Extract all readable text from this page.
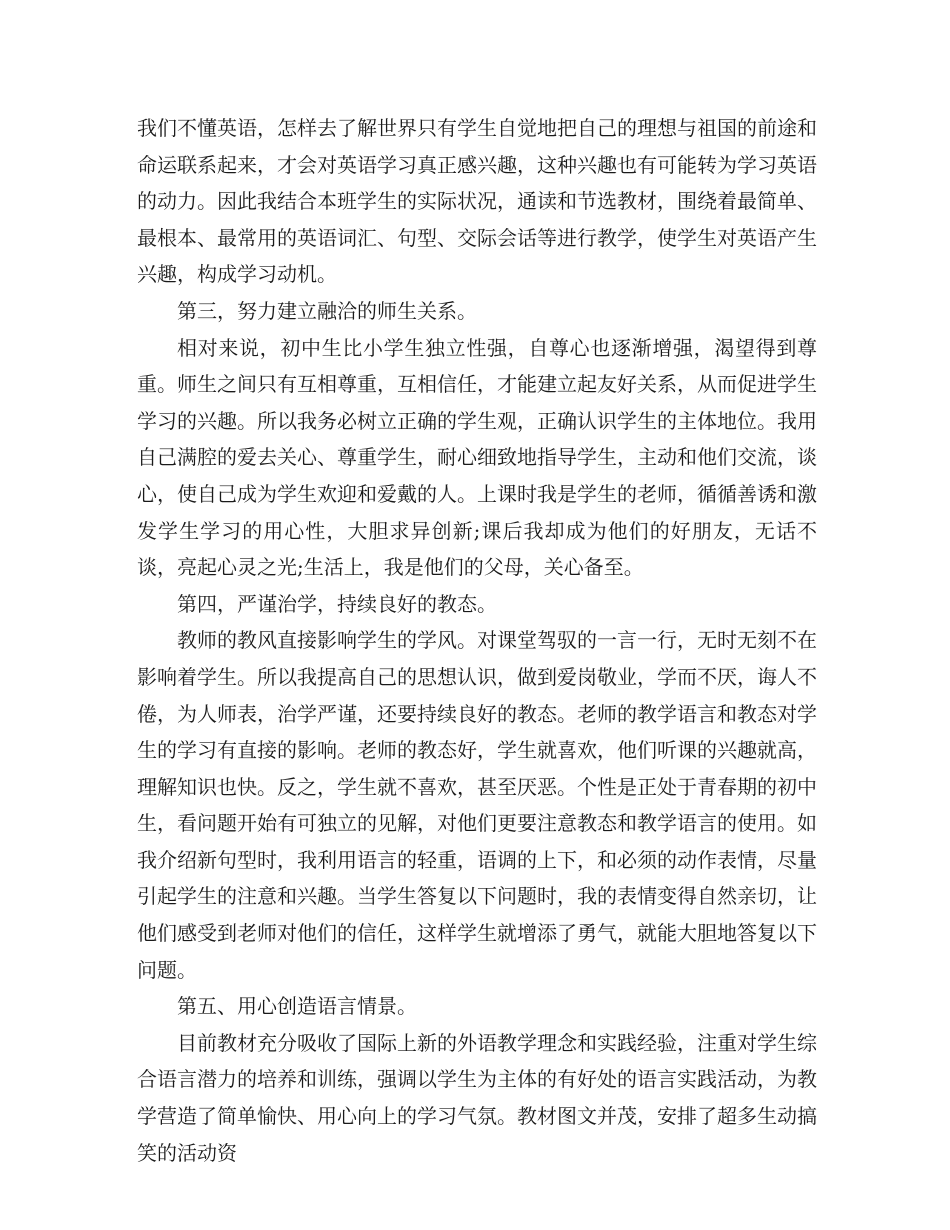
我们不懂英语，怎样去了解世界只有学生自觉地把自己的理想与祖国的前途和命运联系起来，才会对英语学习真正感兴趣，这种兴趣也有可能转为学习英语的动力。因此我结合本班学生的实际状况，通读和节选教材，围绕着最简单、最根本、最常用的英语词汇、句型、交际会话等进行教学，使学生对英语产生兴趣，构成学习动机。

第三，努力建立融洽的师生关系。

相对来说，初中生比小学生独立性强，自尊心也逐渐增强，渴望得到尊重。师生之间只有互相尊重，互相信任，才能建立起友好关系，从而促进学生学习的兴趣。所以我务必树立正确的学生观，正确认识学生的主体地位。我用自己满腔的爱去关心、尊重学生，耐心细致地指导学生，主动和他们交流，谈心，使自己成为学生欢迎和爱戴的人。上课时我是学生的老师，循循善诱和激发学生学习的用心性，大胆求异创新;课后我却成为他们的好朋友，无话不谈，亮起心灵之光;生活上，我是他们的父母，关心备至。

第四，严谨治学，持续良好的教态。

教师的教风直接影响学生的学风。对课堂驾驭的一言一行，无时无刻不在影响着学生。所以我提高自己的思想认识，做到爱岗敬业，学而不厌，诲人不倦，为人师表，治学严谨，还要持续良好的教态。老师的教学语言和教态对学生的学习有直接的影响。老师的教态好，学生就喜欢，他们听课的兴趣就高，理解知识也快。反之，学生就不喜欢，甚至厌恶。个性是正处于青春期的初中生，看问题开始有可独立的见解，对他们更要注意教态和教学语言的使用。如我介绍新句型时，我利用语言的轻重，语调的上下，和必须的动作表情，尽量引起学生的注意和兴趣。当学生答复以下问题时，我的表情变得自然亲切，让他们感受到老师对他们的信任，这样学生就增添了勇气，就能大胆地答复以下问题。

第五、用心创造语言情景。

目前教材充分吸收了国际上新的外语教学理念和实践经验，注重对学生综合语言潜力的培养和训练，强调以学生为主体的有好处的语言实践活动，为教学营造了简单愉快、用心向上的学习气氛。教材图文并茂，安排了超多生动搞笑的活动资
